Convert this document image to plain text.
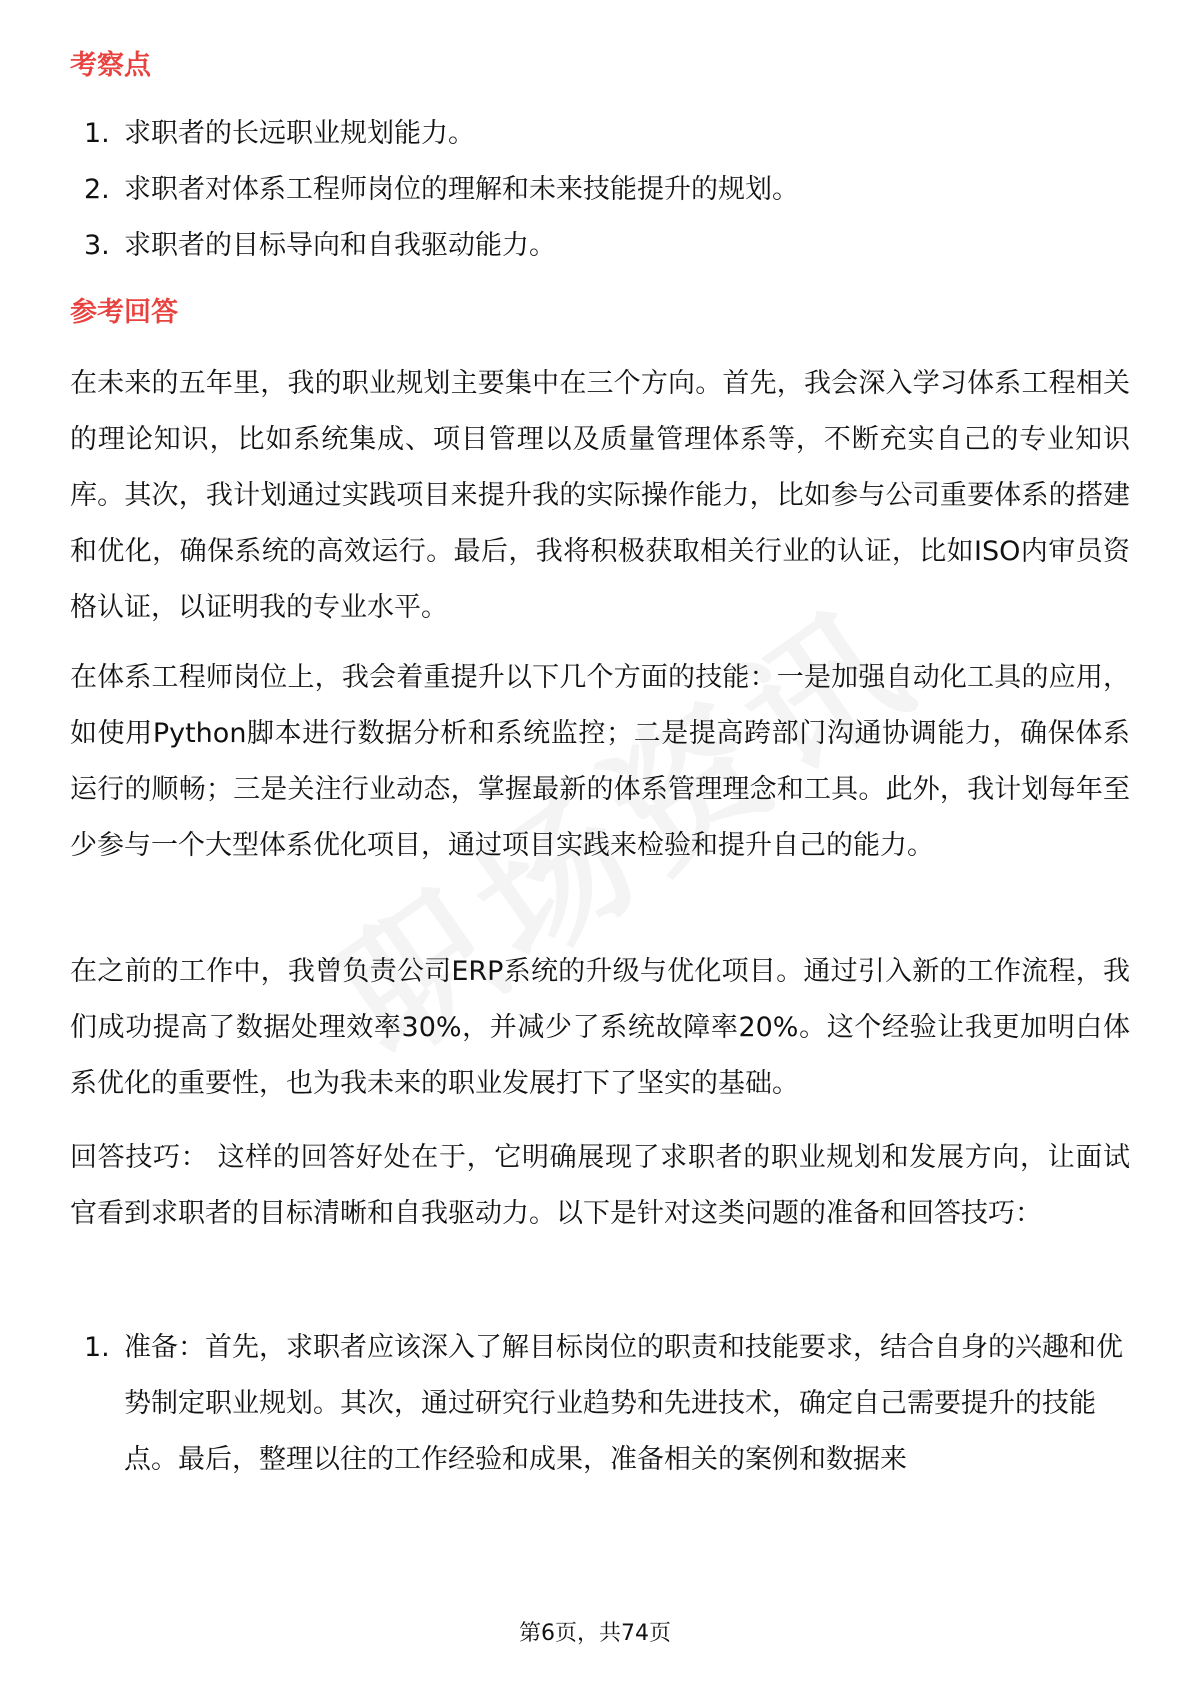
考察点
1. 求职者的长远职业规划能力。
2. 求职者对体系工程师岗位的理解和未来技能提升的规划。
3. 求职者的目标导向和自我驱动能力。
参考回答

在未来的五年里，我的职业规划主要集中在三个方向。首先，我会深入学习体系工程相关的理论知识，比如系统集成、项目管理以及质量管理体系等，不断充实自己的专业知识库。其次，我计划通过实践项目来提升我的实际操作能力，比如参与公司重要体系的搭建和优化，确保系统的高效运行。最后，我将积极获取相关行业的认证，比如ISO内审员资格认证，以证明我的专业水平。

在体系工程师岗位上，我会着重提升以下几个方面的技能：一是加强自动化工具的应用，如使用Python脚本进行数据分析和系统监控；二是提高跨部门沟通协调能力，确保体系运行的顺畅；三是关注行业动态，掌握最新的体系管理理念和工具。此外，我计划每年至少参与一个大型体系优化项目，通过项目实践来检验和提升自己的能力。

在之前的工作中，我曾负责公司ERP系统的升级与优化项目。通过引入新的工作流程，我们成功提高了数据处理效率30%，并减少了系统故障率20%。这个经验让我更加明白体系优化的重要性，也为我未来的职业发展打下了坚实的基础。

回答技巧： 这样的回答好处在于，它明确展现了求职者的职业规划和发展方向，让面试官看到求职者的目标清晰和自我驱动力。以下是针对这类问题的准备和回答技巧：

1. 准备：首先，求职者应该深入了解目标岗位的职责和技能要求，结合自身的兴趣和优势制定职业规划。其次，通过研究行业趋势和先进技术，确定自己需要提升的技能点。最后，整理以往的工作经验和成果，准备相关的案例和数据来
第6页，共74页
